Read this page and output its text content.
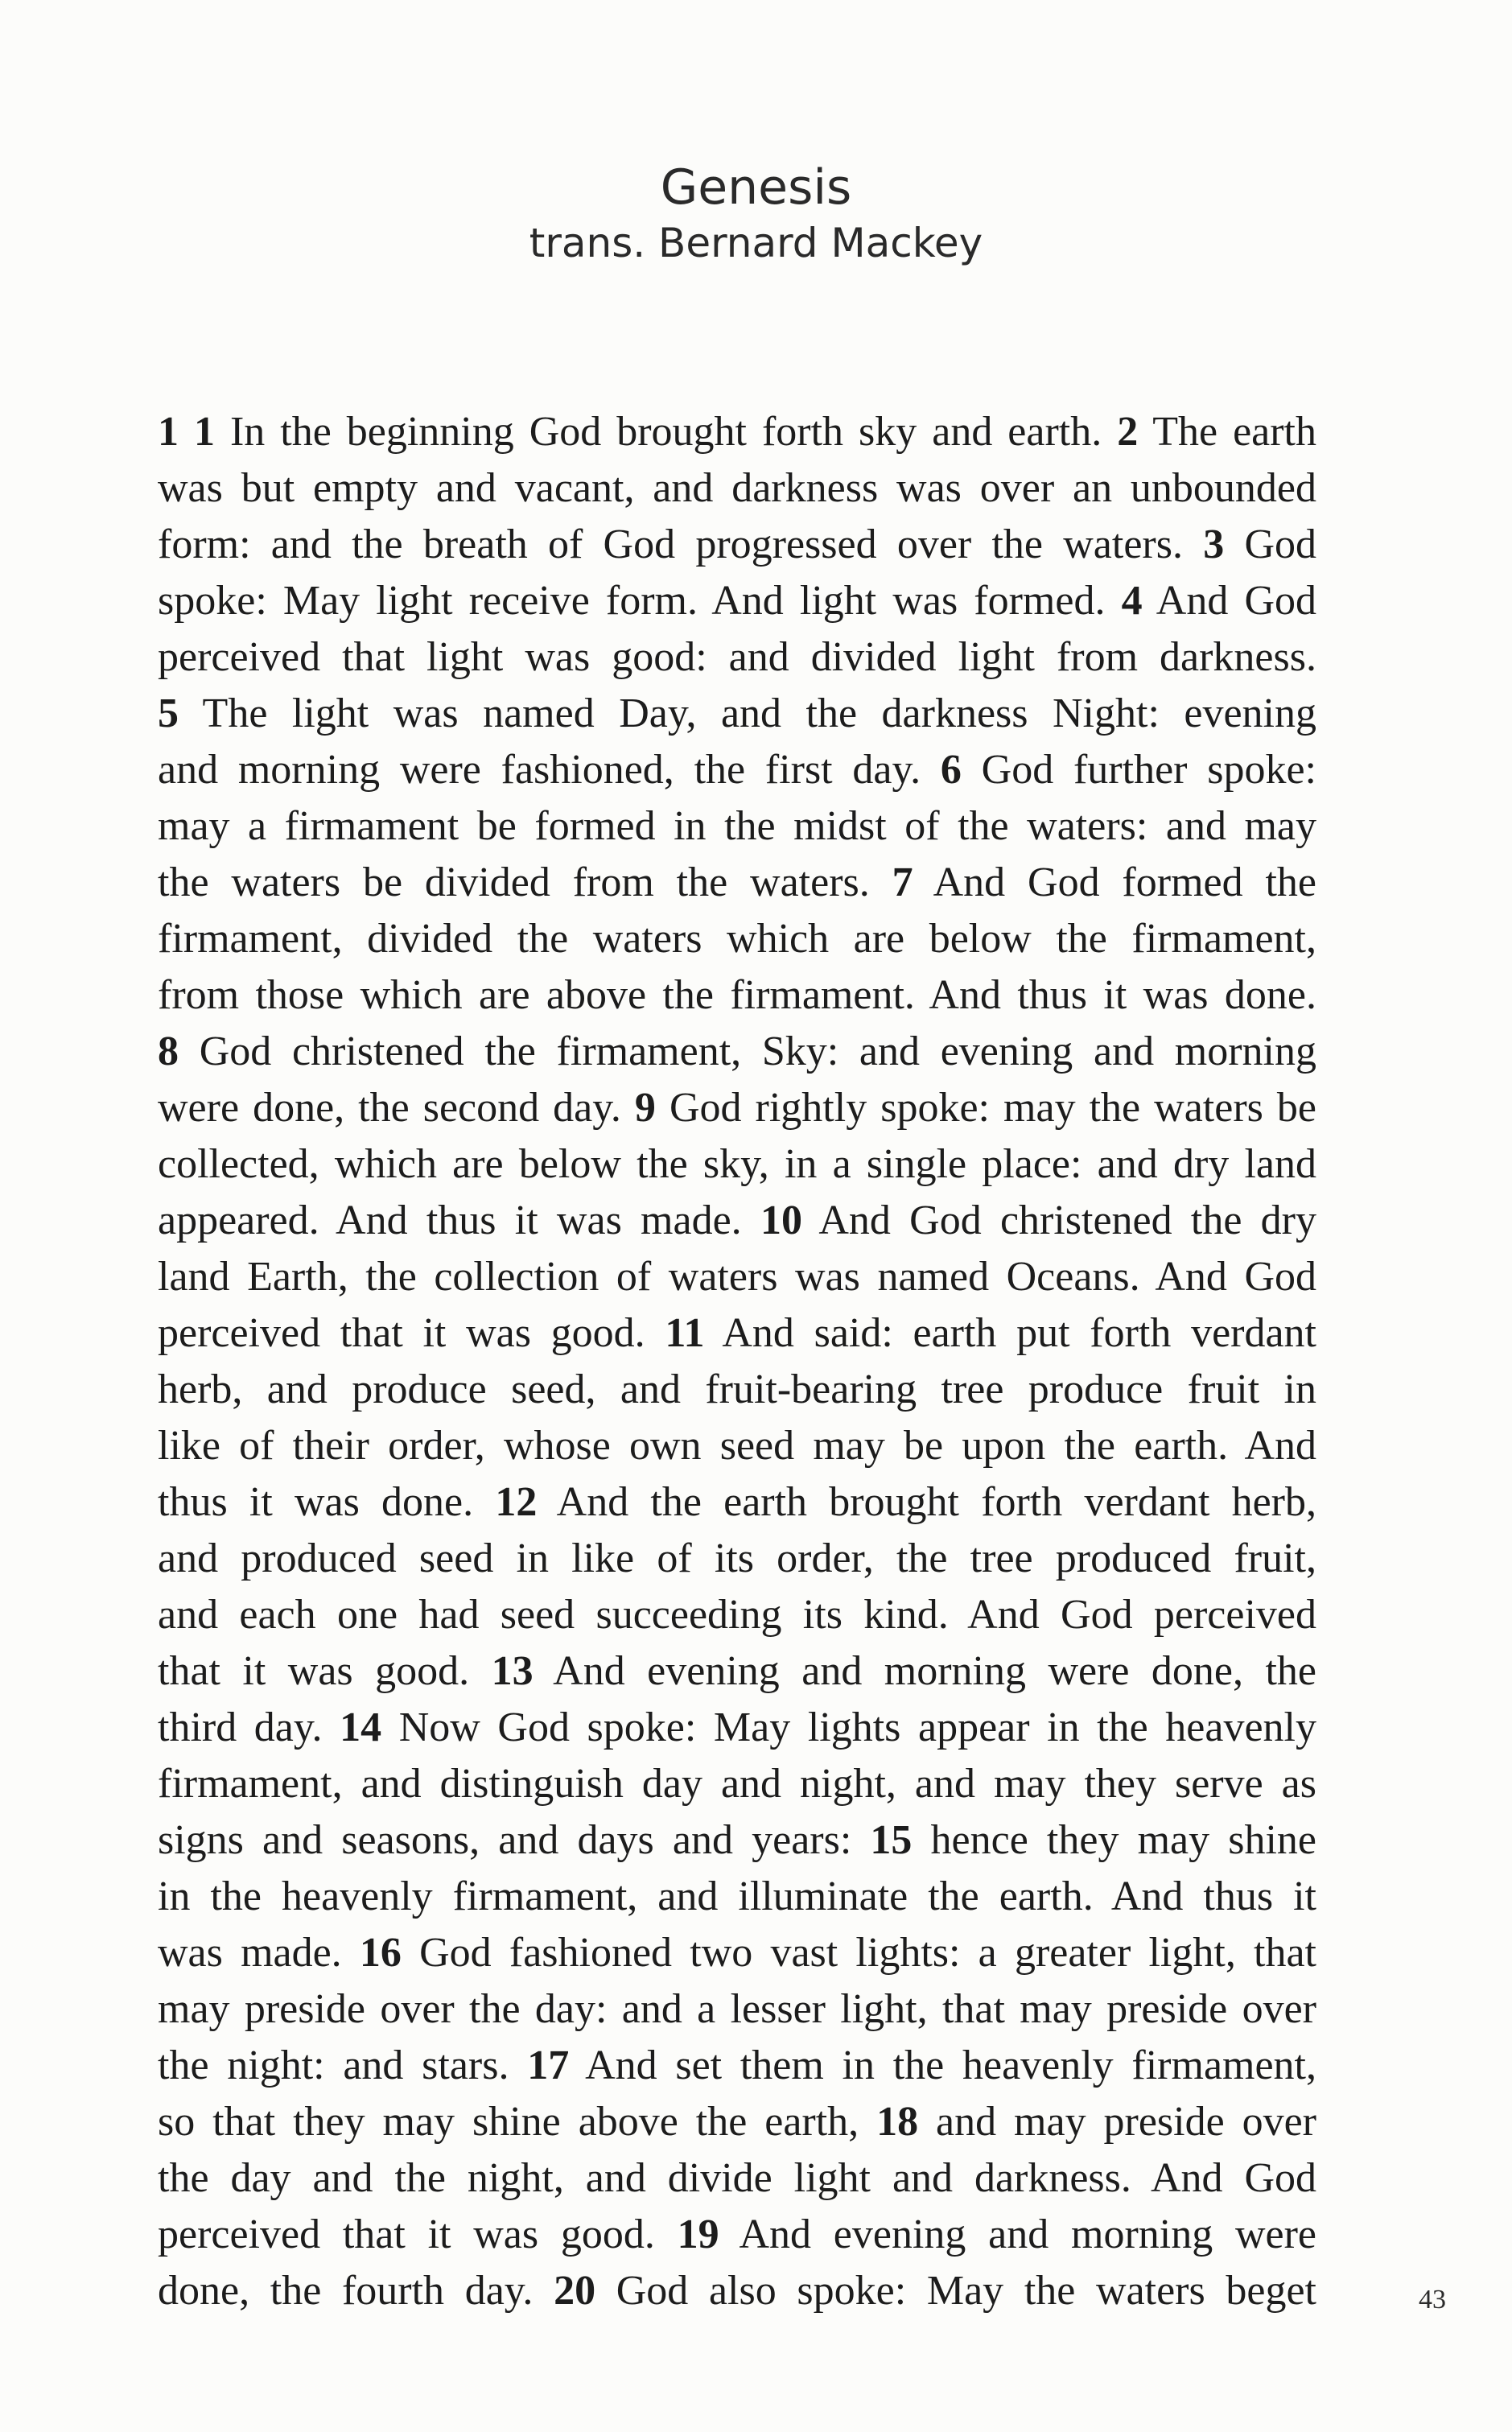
Genesis
trans. Bernard Mackey
1 1 In the beginning God brought forth sky and earth. 2 The earth
was but empty and vacant, and darkness was over an unbounded
form: and the breath of God progressed over the waters. 3 God
spoke: May light receive form. And light was formed. 4 And God
perceived that light was good: and divided light from darkness.
5 The light was named Day, and the darkness Night: evening
and morning were fashioned, the first day. 6 God further spoke:
may a firmament be formed in the midst of the waters: and may
the waters be divided from the waters. 7 And God formed the
firmament, divided the waters which are below the firmament,
from those which are above the firmament. And thus it was done.
8 God christened the firmament, Sky: and evening and morning
were done, the second day. 9 God rightly spoke: may the waters be
collected, which are below the sky, in a single place: and dry land
appeared. And thus it was made. 10 And God christened the dry
land Earth, the collection of waters was named Oceans. And God
perceived that it was good. 11 And said: earth put forth verdant
herb, and produce seed, and fruit-bearing tree produce fruit in
like of their order, whose own seed may be upon the earth. And
thus it was done. 12 And the earth brought forth verdant herb,
and produced seed in like of its order, the tree produced fruit,
and each one had seed succeeding its kind. And God perceived
that it was good. 13 And evening and morning were done, the
third day. 14 Now God spoke: May lights appear in the heavenly
firmament, and distinguish day and night, and may they serve as
signs and seasons, and days and years: 15 hence they may shine
in the heavenly firmament, and illuminate the earth. And thus it
was made. 16 God fashioned two vast lights: a greater light, that
may preside over the day: and a lesser light, that may preside over
the night: and stars. 17 And set them in the heavenly firmament,
so that they may shine above the earth, 18 and may preside over
the day and the night, and divide light and darkness. And God
perceived that it was good. 19 And evening and morning were
done, the fourth day. 20 God also spoke: May the waters beget	43
